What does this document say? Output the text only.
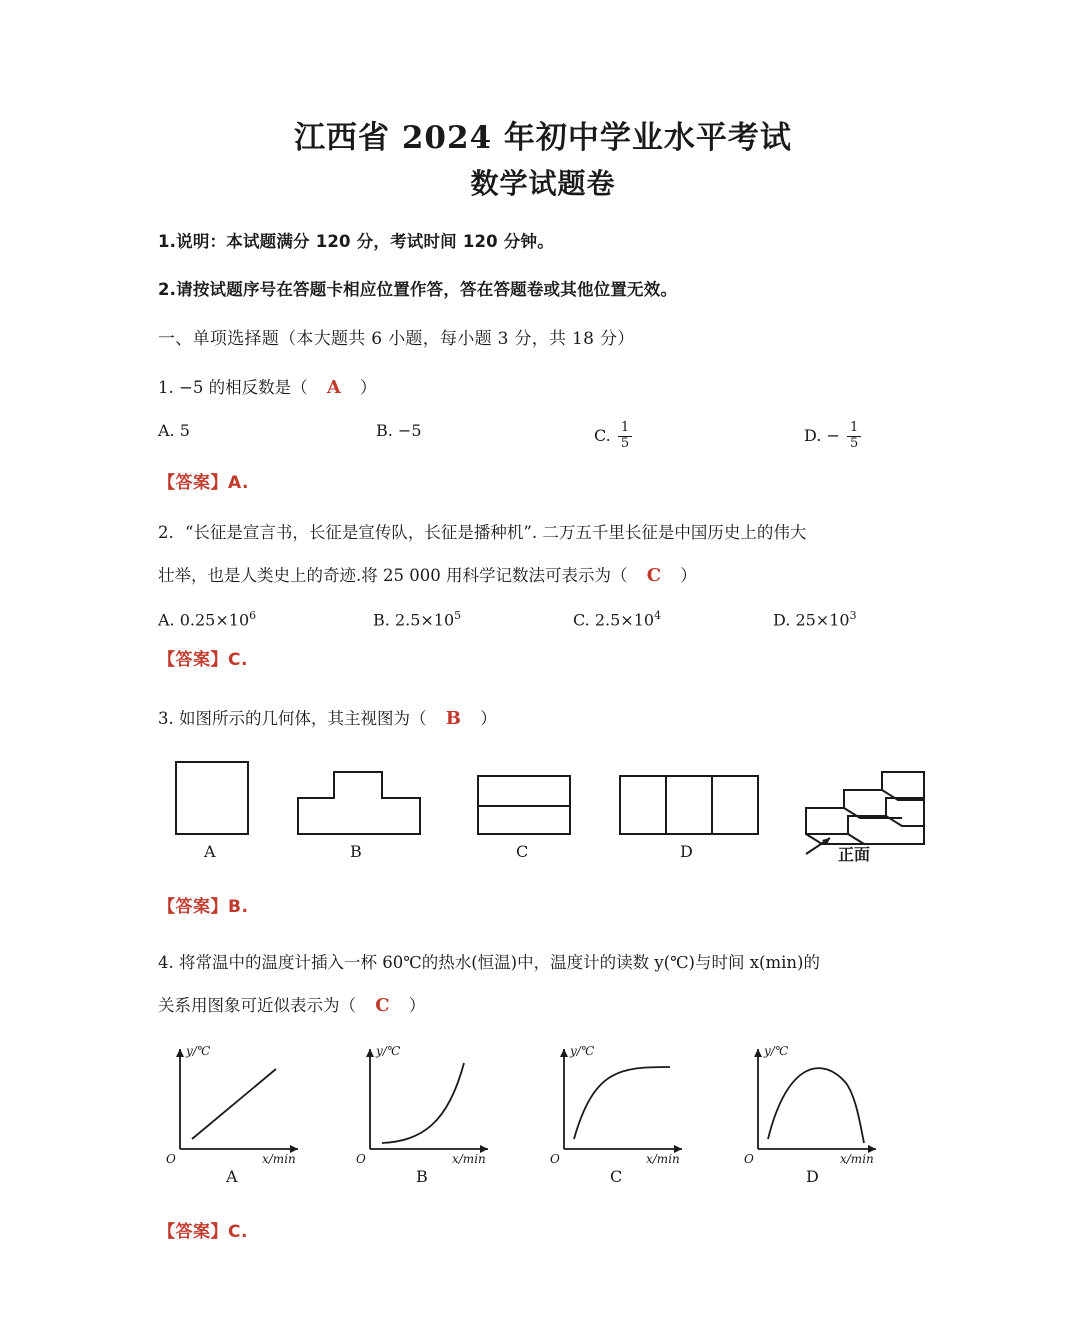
江西省 2024 年初中学业水平考试
数学试题卷
1.说明：本试题满分 120 分，考试时间 120 分钟。
2.请按试题序号在答题卡相应位置作答，答在答题卷或其他位置无效。
一、单项选择题（本大题共 6 小题，每小题 3 分，共 18 分）
1. −5 的相反数是（ A ）
A. 5	B. −5	C. $\frac{1}{5}$	D. − $\frac{1}{5}$
【答案】A.
2. “长征是宣言书，长征是宣传队，长征是播种机”. 二万五千里长征是中国历史上的伟大
壮举，也是人类史上的奇迹.将 25 000 用科学记数法可表示为（ C ）
A. $0.25\times 10^6$	B. $2.5\times 10^5$	C. $2.5\times 10^4$	D. $25\times 10^3$
【答案】C.
3. 如图所示的几何体，其主视图为（ B ）
A	B	C	D	正面
【答案】B.
4. 将常温中的温度计插入一杯 60℃的热水(恒温)中，温度计的读数 y(℃)与时间 x(min)的
关系用图象可近似表示为（ C ）
y/℃	y/℃	y/℃	y/℃
x/min	x/min	x/min	x/min
O	O	O	O
A	B	C	D
【答案】C.
